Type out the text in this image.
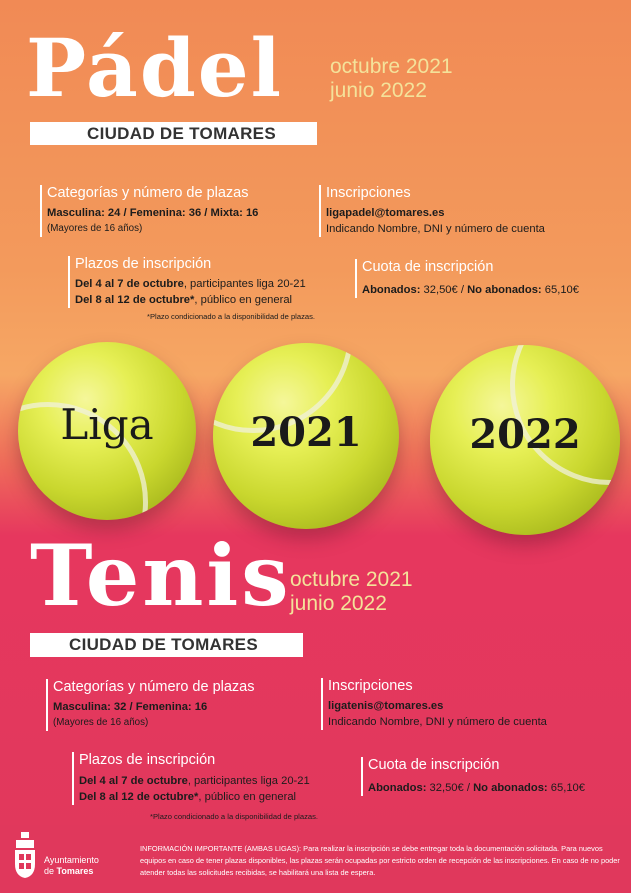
Pádel octubre 2021
junio 2022
CIUDAD DE TOMARES
Categorías y número de plazas
Masculina: 24 / Femenina: 36 / Mixta: 16
(Mayores de 16 años)
Inscripciones
ligapadel@tomares.es
Indicando Nombre, DNI y número de cuenta
Plazos de inscripción
Del 4 al 7 de octubre, participantes liga 20-21
Del 8 al 12 de octubre*, público en general
*Plazo condicionado a la disponibilidad de plazas.
Cuota de inscripción
Abonados: 32,50€ / No abonados: 65,10€
Liga	2021	2022
Tenis
octubre 2021
junio 2022
CIUDAD DE TOMARES
Categorías y número de plazas
Masculina: 32 / Femenina: 16
(Mayores de 16 años)
Inscripciones
ligatenis@tomares.es
Indicando Nombre, DNI y número de cuenta
Plazos de inscripción
Del 4 al 7 de octubre, participantes liga 20-21
Del 8 al 12 de octubre*, público en general
*Plazo condicionado a la disponibilidad de plazas.
Cuota de inscripción
Abonados: 32,50€ / No abonados: 65,10€
Ayuntamiento
de Tomares
INFORMACIÓN IMPORTANTE (AMBAS LIGAS): Para realizar la inscripción se debe entregar toda la documentación solicitada. Para nuevos equipos en caso de tener plazas disponibles, las plazas serán ocupadas por estricto orden de recepción de las inscripciones. En caso de no poder atender todas las solicitudes recibidas, se habilitará una lista de espera.
